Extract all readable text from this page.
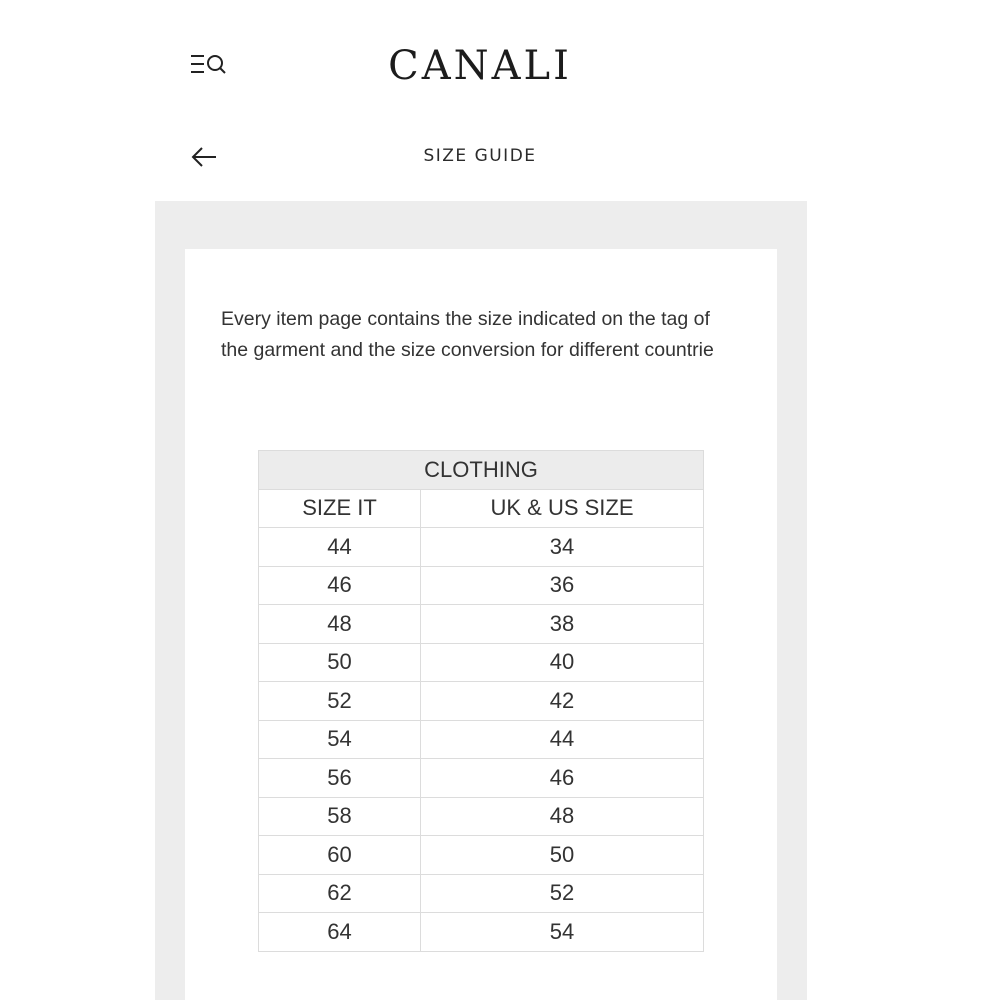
CANALI
SIZE GUIDE

Every item page contains the size indicated on the tag of the garment and the size conversion for different countrie

CLOTHING	
SIZE IT	UK & US SIZE
44	34
46	36
48	38
50	40
52	42
54	44
56	46
58	48
60	50
62	52
64	54
